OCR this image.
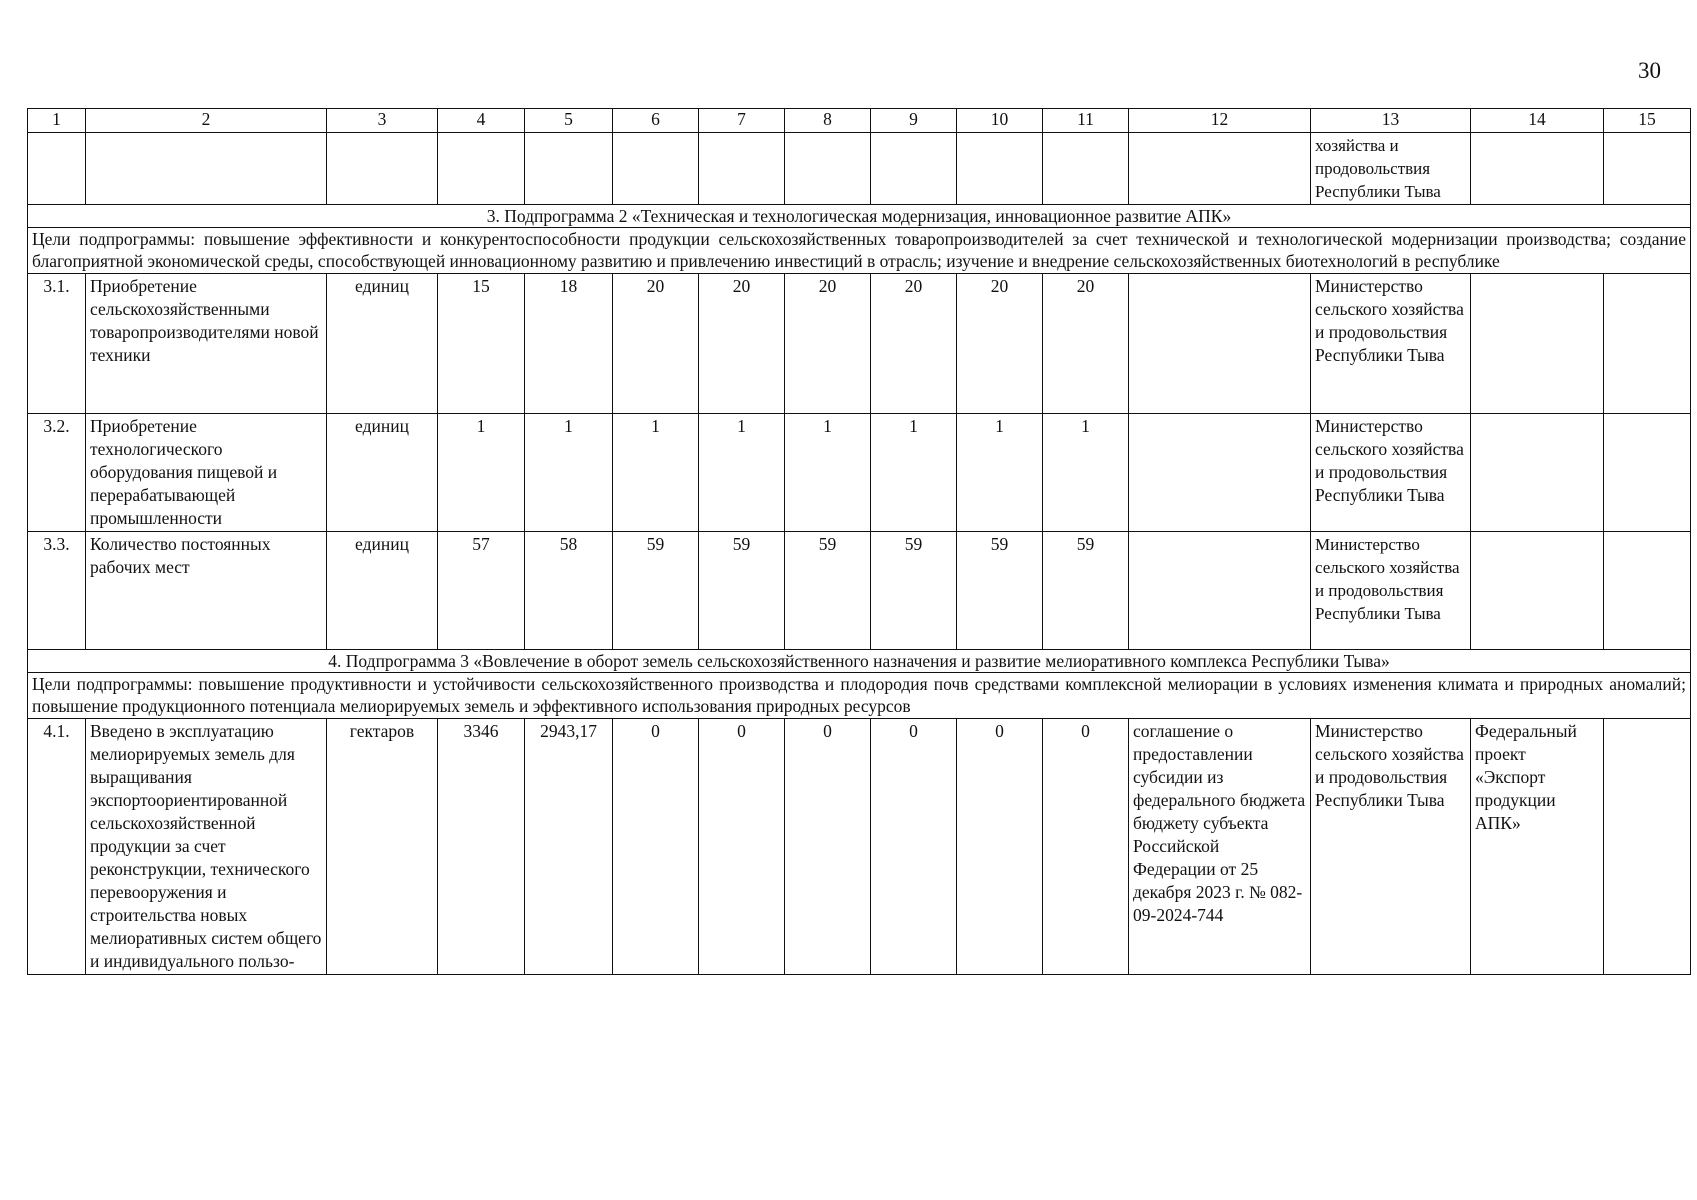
30
1	2	3	4	5	6	7	8	9	10	11	12	13	14	15
												хозяйства и продовольствия Республики Тыва		
3. Подпрограмма 2 «Техническая и технологическая модернизация, инновационное развитие АПК»														
Цели подпрограммы: повышение эффективности и конкурентоспособности продукции сельскохозяйственных товаропроизводителей за счет технической и технологической модернизации производства; создание благоприятной экономической среды, способствующей инновационному развитию и привлечению инвестиций в отрасль; изучение и внедрение сельскохозяйственных биотехнологий в республике														
3.1.	Приобретение сельскохозяйственными товаропроизводителями новой техники	единиц	15	18	20	20	20	20	20	20		Министерство сельского хозяйства и продовольствия Республики Тыва		
3.2.	Приобретение технологического оборудования пищевой и перерабатывающей промышленности	единиц	1	1	1	1	1	1	1	1		Министерство сельского хозяйства и продовольствия Республики Тыва		
3.3.	Количество постоянных рабочих мест	единиц	57	58	59	59	59	59	59	59		Министерство сельского хозяйства и продовольствия Республики Тыва		
4. Подпрограмма 3 «Вовлечение в оборот земель сельскохозяйственного назначения и развитие мелиоративного комплекса Республики Тыва»														
Цели подпрограммы: повышение продуктивности и устойчивости сельскохозяйственного производства и плодородия почв средствами комплексной мелиорации в условиях изменения климата и природных аномалий; повышение продукционного потенциала мелиорируемых земель и эффективного использования природных ресурсов														
4.1.	Введено в эксплуатацию мелиорируемых земель для выращивания экспортоориентированной сельскохозяйственной продукции за счет реконструкции, технического перевооружения и строительства новых мелиоративных систем общего и индивидуального пользо-	гектаров	3346	2943,17	0	0	0	0	0	0	соглашение о предоставлении субсидии из федерального бюджета бюджету субъекта Российской Федерации от 25 декабря 2023 г. № 082-09-2024-744	Министерство сельского хозяйства и продовольствия Республики Тыва	Федеральный проект «Экспорт продукции АПК»	
